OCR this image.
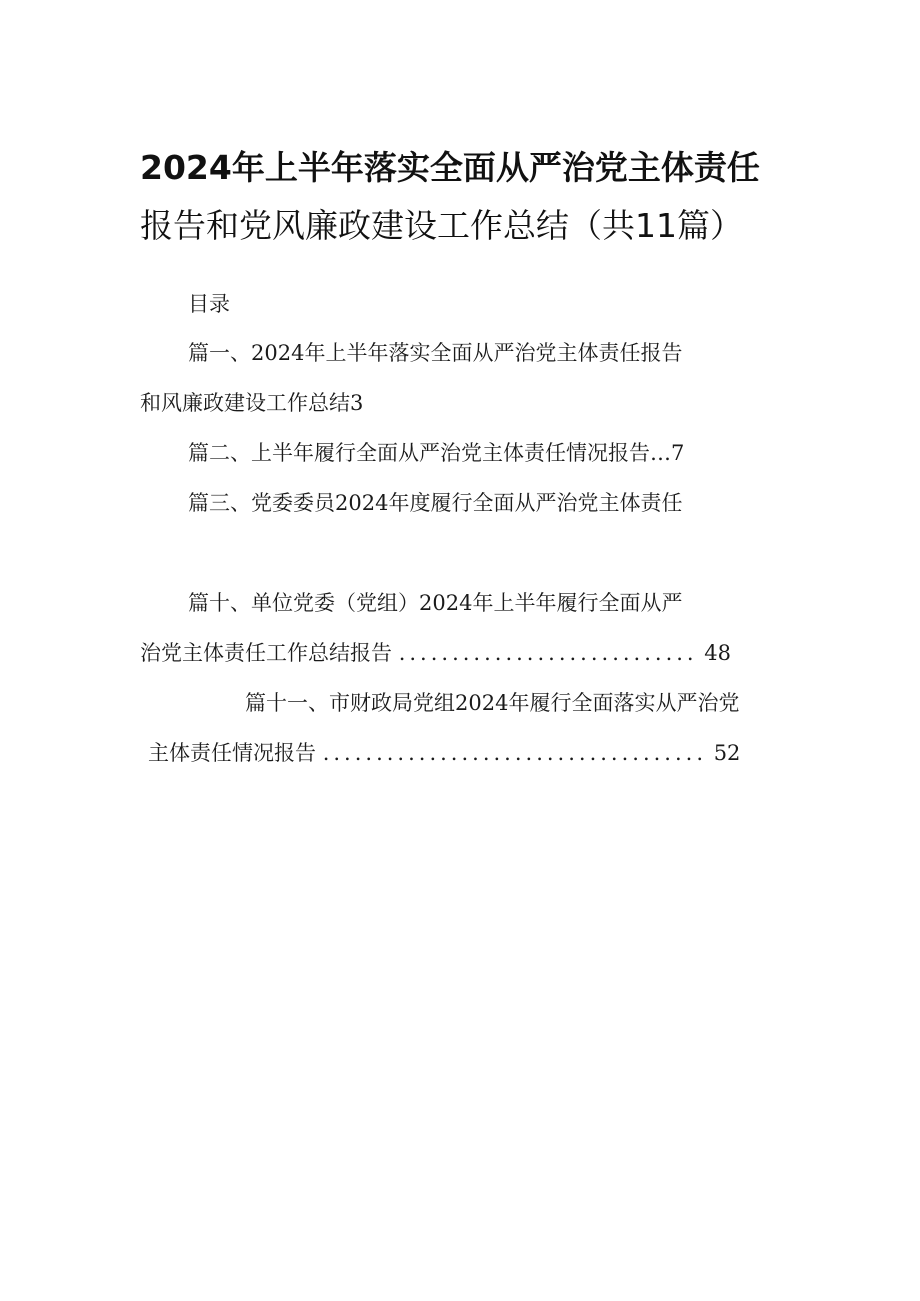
2024年上半年落实全面从严治党主体责任
报告和党风廉政建设工作总结（共11篇）
目录
篇一、2024年上半年落实全面从严治党主体责任报告
和风廉政建设工作总结3
篇二、上半年履行全面从严治党主体责任情况报告…7
篇三、党委委员2024年度履行全面从严治党主体责任
篇十、单位党委（党组）2024年上半年履行全面从严
治党主体责任工作总结报告 ............................ 48
篇十一、市财政局党组2024年履行全面落实从严治党
主体责任情况报告 .................................... 52
